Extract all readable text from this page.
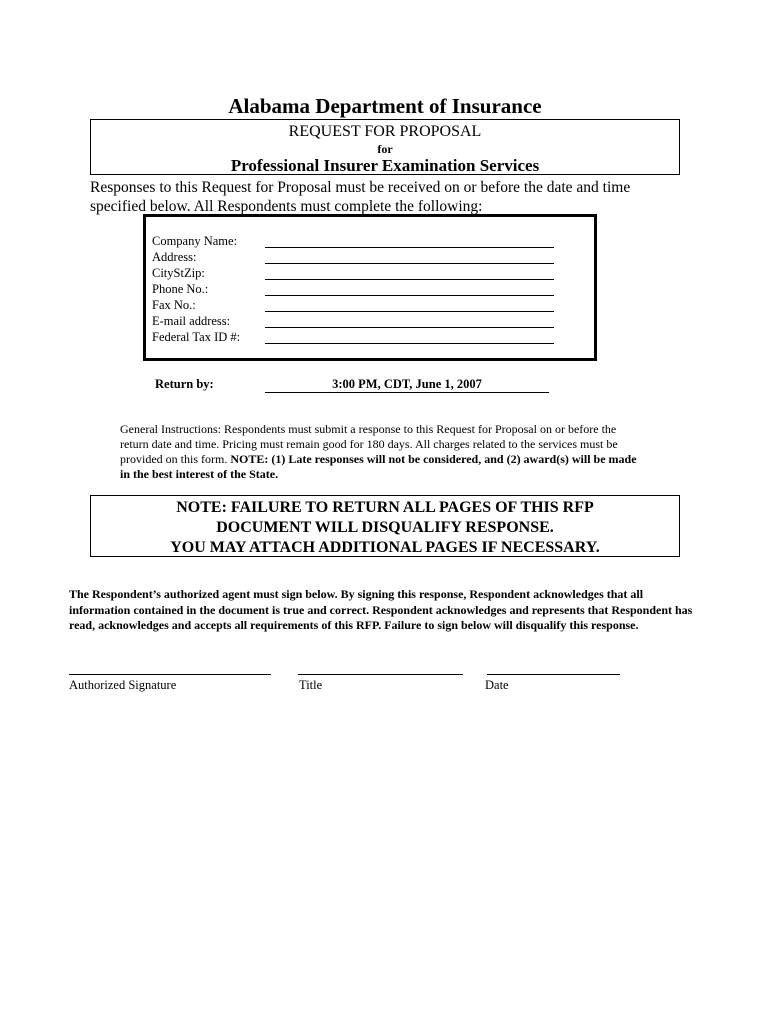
Alabama Department of Insurance
REQUEST FOR PROPOSAL
for
Professional Insurer Examination Services
Responses to this Request for Proposal must be received on or before the date and time specified below. All Respondents must complete the following:
Company Name:
Address:
CityStZip:
Phone No.:
Fax No.:
E-mail address:
Federal Tax ID #:
Return by:	3:00 PM, CDT, June 1, 2007
General Instructions: Respondents must submit a response to this Request for Proposal on or before the return date and time. Pricing must remain good for 180 days. All charges related to the services must be provided on this form. NOTE: (1) Late responses will not be considered, and (2) award(s) will be made in the best interest of the State.
NOTE: FAILURE TO RETURN ALL PAGES OF THIS RFP
DOCUMENT WILL DISQUALIFY RESPONSE.
YOU MAY ATTACH ADDITIONAL PAGES IF NECESSARY.
The Respondent’s authorized agent must sign below. By signing this response, Respondent acknowledges that all information contained in the document is true and correct. Respondent acknowledges and represents that Respondent has read, acknowledges and accepts all requirements of this RFP. Failure to sign below will disqualify this response.
Authorized Signature	Title	Date
